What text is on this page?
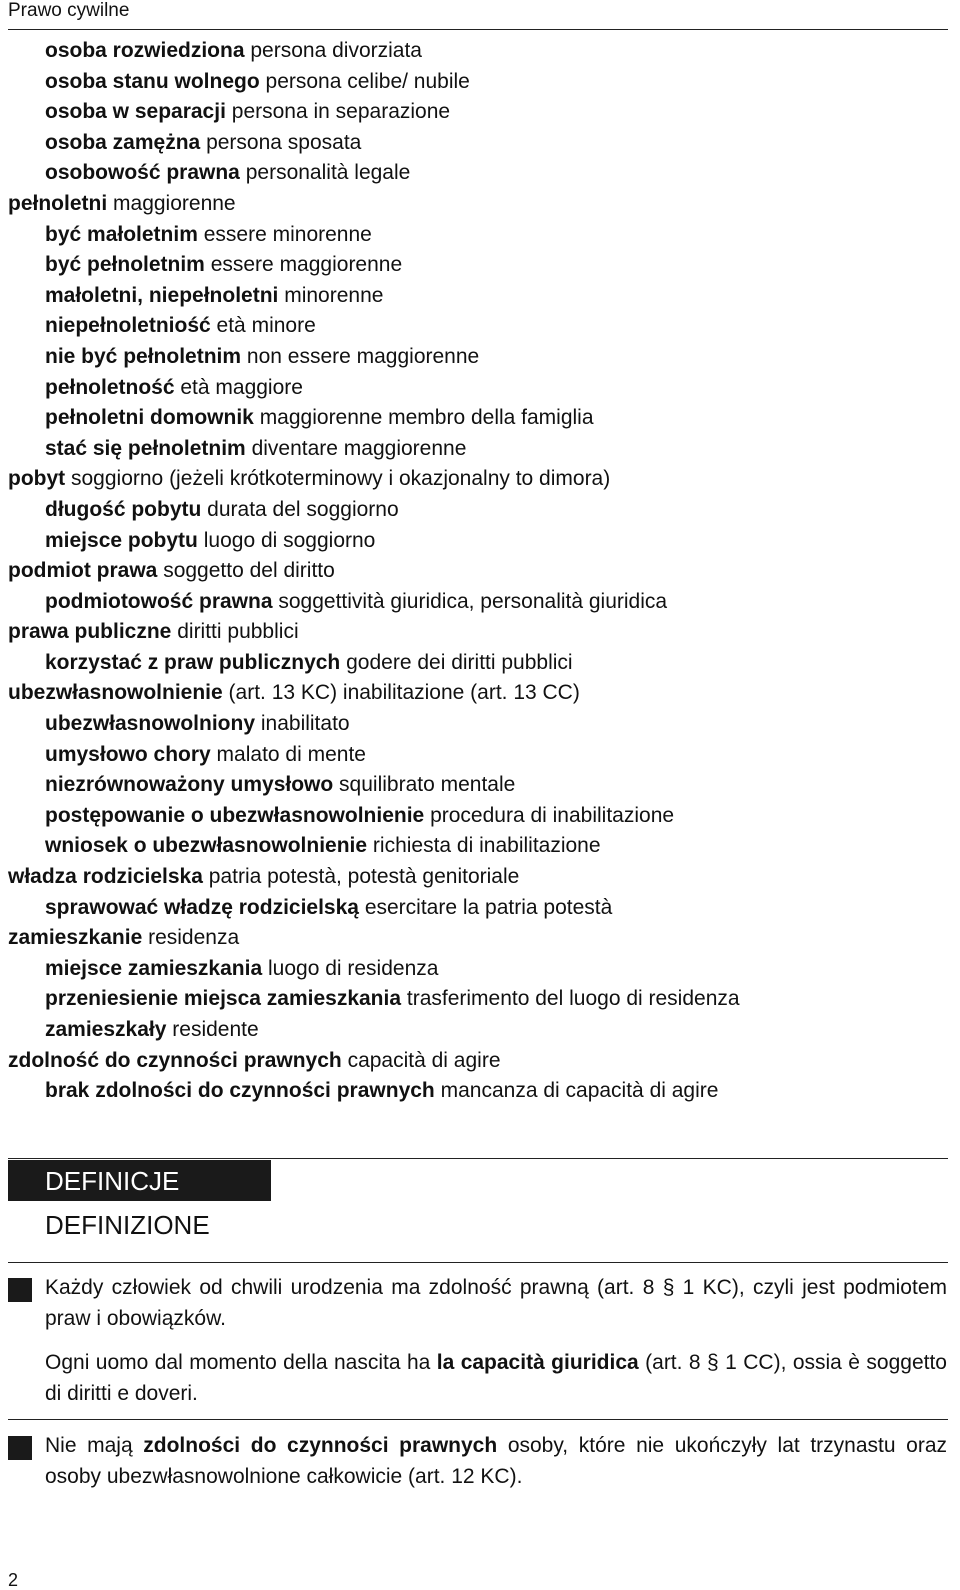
Prawo cywilne
osoba rozwiedziona persona divorziata
osoba stanu wolnego persona celibe/ nubile
osoba w separacji persona in separazione
osoba zamężna persona sposata
osobowość prawna personalità legale
pełnoletni maggiorenne
być małoletnim essere minorenne
być pełnoletnim essere maggiorenne
małoletni, niepełnoletni minorenne
niepełnoletniość età minore
nie być pełnoletnim non essere maggiorenne
pełnoletność età maggiore
pełnoletni domownik maggiorenne membro della famiglia
stać się pełnoletnim diventare maggiorenne
pobyt soggiorno (jeżeli krótkoterminowy i okazjonalny to dimora)
długość pobytu durata del soggiorno
miejsce pobytu luogo di soggiorno
podmiot prawa soggetto del diritto
podmiotowość prawna soggettività giuridica, personalità giuridica
prawa publiczne diritti pubblici
korzystać z praw publicznych godere dei diritti pubblici
ubezwłasnowolnienie (art. 13 KC) inabilitazione (art. 13 CC)
ubezwłasnowolniony inabilitato
umysłowo chory malato di mente
niezrównoważony umysłowo squilibrato mentale
postępowanie o ubezwłasnowolnienie procedura di inabilitazione
wniosek o ubezwłasnowolnienie richiesta di inabilitazione
władza rodzicielska patria potestà, potestà genitoriale
sprawować władzę rodzicielską esercitare la patria potestà
zamieszkanie residenza
miejsce zamieszkania luogo di residenza
przeniesienie miejsca zamieszkania trasferimento del luogo di residenza
zamieszkały residente
zdolność do czynności prawnych capacità di agire
brak zdolności do czynności prawnych mancanza di capacità di agire
DEFINICJE
DEFINIZIONE
Każdy człowiek od chwili urodzenia ma zdolność prawną (art. 8 § 1 KC), czyli jest podmiotem praw i obowiązków.
Ogni uomo dal momento della nascita ha la capacità giuridica (art. 8 § 1 CC), ossia è soggetto di diritti e doveri.
Nie mają zdolności do czynności prawnych osoby, które nie ukończyły lat trzynastu oraz osoby ubezwłasnowolnione całkowicie (art. 12 KC).
2
